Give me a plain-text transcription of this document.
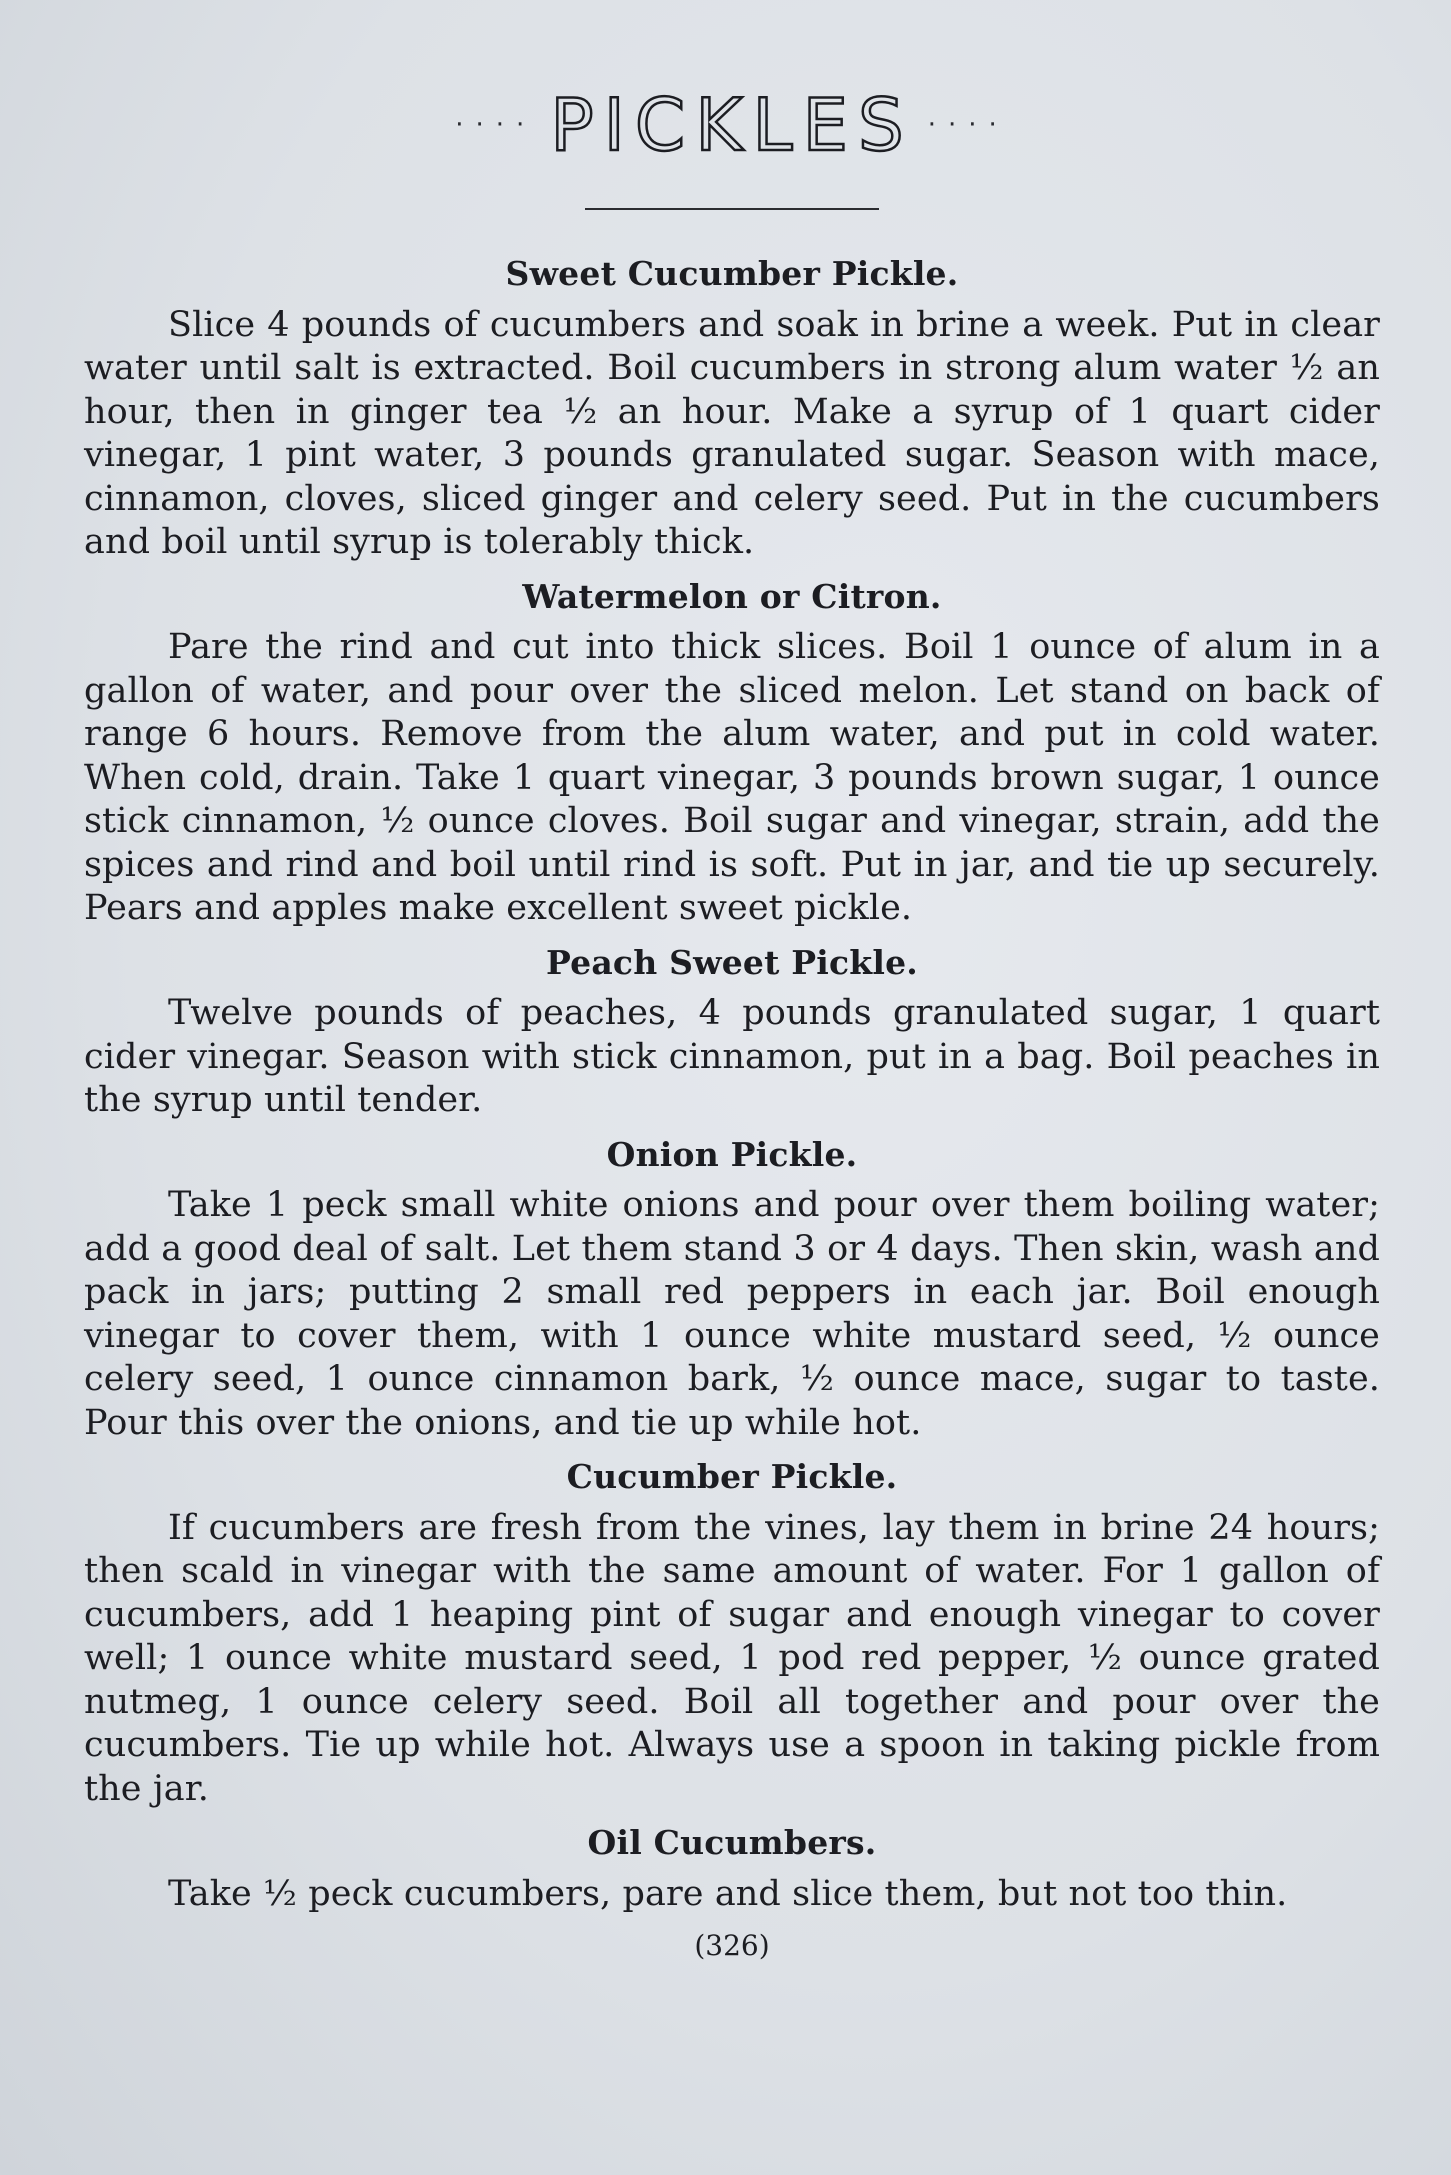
···· PICKLES ····
Sweet Cucumber Pickle.

Slice 4 pounds of cucumbers and soak in brine a week. Put in clear water until salt is extracted. Boil cucumbers in strong alum water ½ an hour, then in ginger tea ½ an hour. Make a syrup of 1 quart cider vinegar, 1 pint water, 3 pounds granulated sugar. Season with mace, cinnamon, cloves, sliced ginger and celery seed. Put in the cucumbers and boil until syrup is tolerably thick.

Watermelon or Citron.

Pare the rind and cut into thick slices. Boil 1 ounce of alum in a gallon of water, and pour over the sliced melon. Let stand on back of range 6 hours. Remove from the alum water, and put in cold water. When cold, drain. Take 1 quart vinegar, 3 pounds brown sugar, 1 ounce stick cinnamon, ½ ounce cloves. Boil sugar and vinegar, strain, add the spices and rind and boil until rind is soft. Put in jar, and tie up securely. Pears and apples make excellent sweet pickle.

Peach Sweet Pickle.

Twelve pounds of peaches, 4 pounds granulated sugar, 1 quart cider vinegar. Season with stick cinnamon, put in a bag. Boil peaches in the syrup until tender.

Onion Pickle.

Take 1 peck small white onions and pour over them boiling water; add a good deal of salt. Let them stand 3 or 4 days. Then skin, wash and pack in jars; putting 2 small red peppers in each jar. Boil enough vinegar to cover them, with 1 ounce white mustard seed, ½ ounce celery seed, 1 ounce cinnamon bark, ½ ounce mace, sugar to taste. Pour this over the onions, and tie up while hot.

Cucumber Pickle.

If cucumbers are fresh from the vines, lay them in brine 24 hours; then scald in vinegar with the same amount of water. For 1 gallon of cucumbers, add 1 heaping pint of sugar and enough vinegar to cover well; 1 ounce white mustard seed, 1 pod red pepper, ½ ounce grated nutmeg, 1 ounce celery seed. Boil all together and pour over the cucumbers. Tie up while hot. Always use a spoon in taking pickle from the jar.

Oil Cucumbers.

Take ½ peck cucumbers, pare and slice them, but not too thin.

(326)
